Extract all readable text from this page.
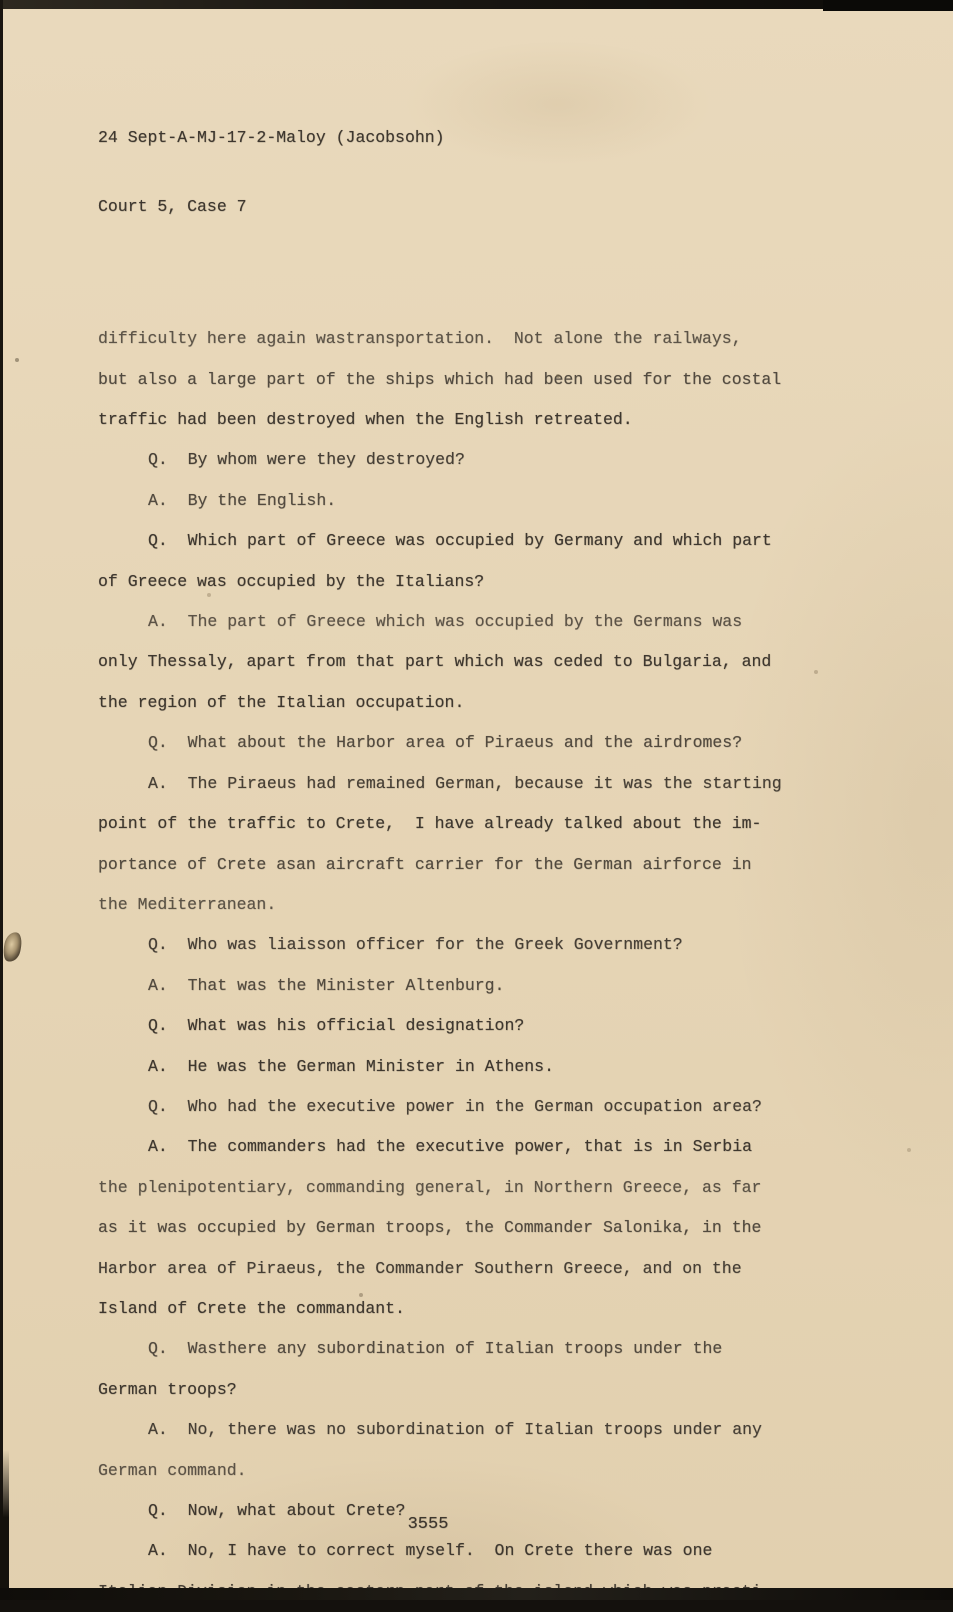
24 Sept-A-MJ-17-2-Maloy (Jacobsohn)

Court 5, Case 7

difficulty here again wastransportation.  Not alone the railways,
but also a large part of the ships which had been used for the costal
traffic had been destroyed when the English retreated.
Q.  By whom were they destroyed?
A.  By the English.
Q.  Which part of Greece was occupied by Germany and which part
of Greece was occupied by the Italians?
A.  The part of Greece which was occupied by the Germans was
only Thessaly, apart from that part which was ceded to Bulgaria, and
the region of the Italian occupation.
Q.  What about the Harbor area of Piraeus and the airdromes?
A.  The Piraeus had remained German, because it was the starting
point of the traffic to Crete,  I have already talked about the im-
portance of Crete asan aircraft carrier for the German airforce in
the Mediterranean.
Q.  Who was liaisson officer for the Greek Government?
A.  That was the Minister Altenburg.
Q.  What was his official designation?
A.  He was the German Minister in Athens.
Q.  Who had the executive power in the German occupation area?
A.  The commanders had the executive power, that is in Serbia
the plenipotentiary, commanding general, in Northern Greece, as far
as it was occupied by German troops, the Commander Salonika, in the
Harbor area of Piraeus, the Commander Southern Greece, and on the
Island of Crete the commandant.
Q.  Wasthere any subordination of Italian troops under the
German troops?
A.  No, there was no subordination of Italian troops under any
German command.
Q.  Now, what about Crete?
A.  No, I have to correct myself.  On Crete there was one
3555
